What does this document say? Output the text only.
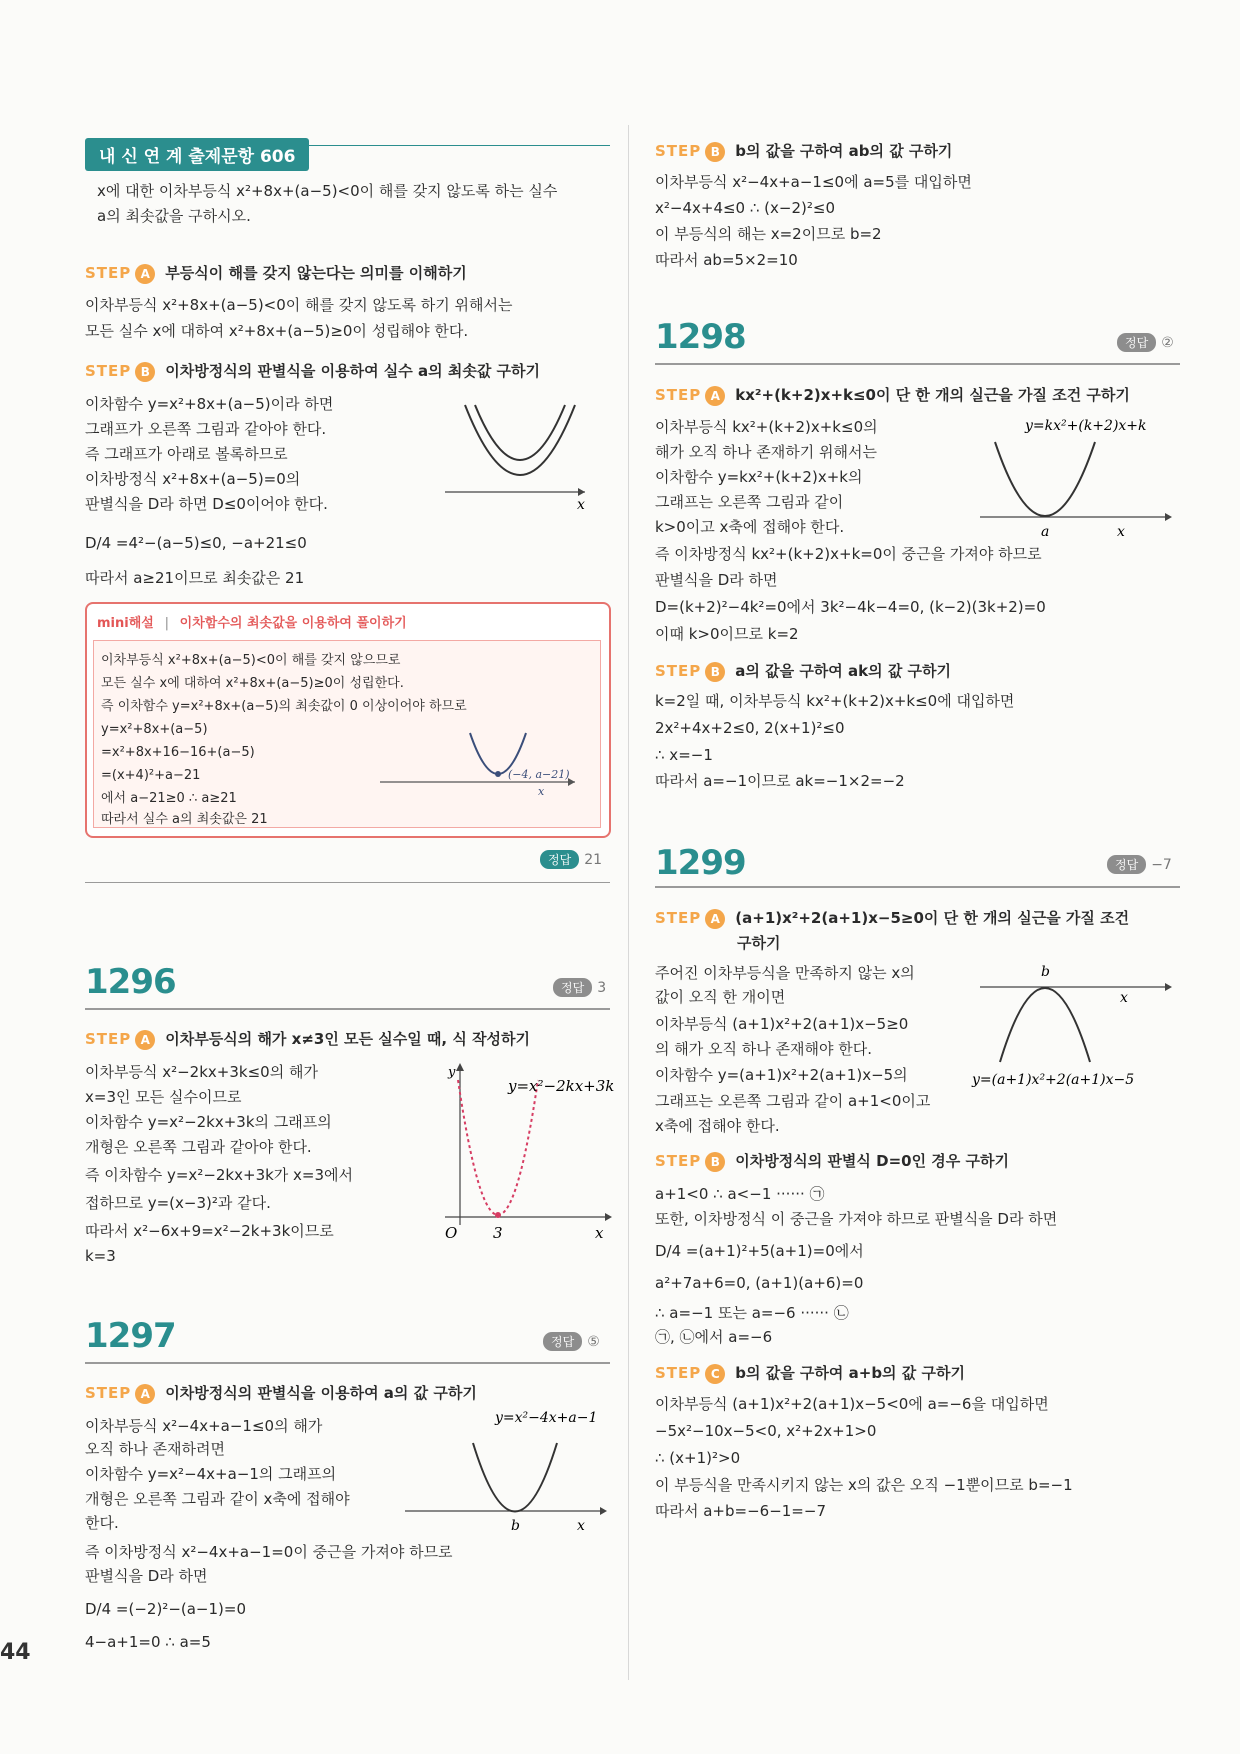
내 신 연 계 출제문항 606
x에 대한 이차부등식 x²+8x+(a−5)<0이 해를 갖지 않도록 하는 실수
a의 최솟값을 구하시오.
STEP A 부등식이 해를 갖지 않는다는 의미를 이해하기
이차부등식 x²+8x+(a−5)<0이 해를 갖지 않도록 하기 위해서는
모든 실수 x에 대하여 x²+8x+(a−5)≥0이 성립해야 한다.
STEP B 이차방정식의 판별식을 이용하여 실수 a의 최솟값 구하기
이차함수 y=x²+8x+(a−5)이라 하면
그래프가 오른쪽 그림과 같아야 한다.
즉 그래프가 아래로 볼록하므로
이차방정식 x²+8x+(a−5)=0의
판별식을 D라 하면 D≤0이어야 한다.
D/4 =4²−(a−5)≤0, −a+21≤0
따라서 a≥21이므로 최솟값은 21
x
mini해설 | 이차함수의 최솟값을 이용하여 풀이하기
이차부등식 x²+8x+(a−5)<0이 해를 갖지 않으므로
모든 실수 x에 대하여 x²+8x+(a−5)≥0이 성립한다.
즉 이차함수 y=x²+8x+(a−5)의 최솟값이 0 이상이어야 하므로
y=x²+8x+(a−5)
=x²+8x+16−16+(a−5)
=(x+4)²+a−21
에서 a−21≥0 ∴ a≥21
따라서 실수 a의 최솟값은 21
(−4, a−21)
x
정답 21
1296	정답 3
STEP A 이차부등식의 해가 x≠3인 모든 실수일 때, 식 작성하기
이차부등식 x²−2kx+3k≤0의 해가
x=3인 모든 실수이므로
이차함수 y=x²−2kx+3k의 그래프의
개형은 오른쪽 그림과 같아야 한다.
즉 이차함수 y=x²−2kx+3k가 x=3에서
접하므로 y=(x−3)²과 같다.
따라서 x²−6x+9=x²−2k+3k이므로
k=3
y
y=x²−2kx+3k
O 3	x
1297	정답 ⑤
STEP A 이차방정식의 판별식을 이용하여 a의 값 구하기
이차부등식 x²−4x+a−1≤0의 해가
오직 하나 존재하려면
이차함수 y=x²−4x+a−1의 그래프의
개형은 오른쪽 그림과 같이 x축에 접해야
한다.
즉 이차방정식 x²−4x+a−1=0이 중근을 가져야 하므로
판별식을 D라 하면
D/4 =(−2)²−(a−1)=0
4−a+1=0 ∴ a=5
y=x²−4x+a−1
b	x
44
STEP B b의 값을 구하여 ab의 값 구하기
이차부등식 x²−4x+a−1≤0에 a=5를 대입하면
x²−4x+4≤0 ∴ (x−2)²≤0
이 부등식의 해는 x=2이므로 b=2
따라서 ab=5×2=10
1298	정답 ②
STEP A kx²+(k+2)x+k≤0이 단 한 개의 실근을 가질 조건 구하기
이차부등식 kx²+(k+2)x+k≤0의
해가 오직 하나 존재하기 위해서는
이차함수 y=kx²+(k+2)x+k의
그래프는 오른쪽 그림과 같이
k>0이고 x축에 접해야 한다.
즉 이차방정식 kx²+(k+2)x+k=0이 중근을 가져야 하므로
판별식을 D라 하면
D=(k+2)²−4k²=0에서 3k²−4k−4=0, (k−2)(3k+2)=0
이때 k>0이므로 k=2
y=kx²+(k+2)x+k
a	x
STEP B a의 값을 구하여 ak의 값 구하기
k=2일 때, 이차부등식 kx²+(k+2)x+k≤0에 대입하면
2x²+4x+2≤0, 2(x+1)²≤0
∴ x=−1
따라서 a=−1이므로 ak=−1×2=−2
1299	정답 −7
STEP A (a+1)x²+2(a+1)x−5≥0이 단 한 개의 실근을 가질 조건
구하기
주어진 이차부등식을 만족하지 않는 x의
값이 오직 한 개이면
이차부등식 (a+1)x²+2(a+1)x−5≥0
의 해가 오직 하나 존재해야 한다.
이차함수 y=(a+1)x²+2(a+1)x−5의
그래프는 오른쪽 그림과 같이 a+1<0이고
x축에 접해야 한다.
b
x
y=(a+1)x²+2(a+1)x−5
STEP B 이차방정식의 판별식 D=0인 경우 구하기
a+1<0 ∴ a<−1 ······ ㉠
또한, 이차방정식 이 중근을 가져야 하므로 판별식을 D라 하면
D/4 =(a+1)²+5(a+1)=0에서
a²+7a+6=0, (a+1)(a+6)=0
∴ a=−1 또는 a=−6 ······ ㉡
㉠, ㉡에서 a=−6
STEP C b의 값을 구하여 a+b의 값 구하기
이차부등식 (a+1)x²+2(a+1)x−5<0에 a=−6을 대입하면
−5x²−10x−5<0, x²+2x+1>0
∴ (x+1)²>0
이 부등식을 만족시키지 않는 x의 값은 오직 −1뿐이므로 b=−1
따라서 a+b=−6−1=−7
